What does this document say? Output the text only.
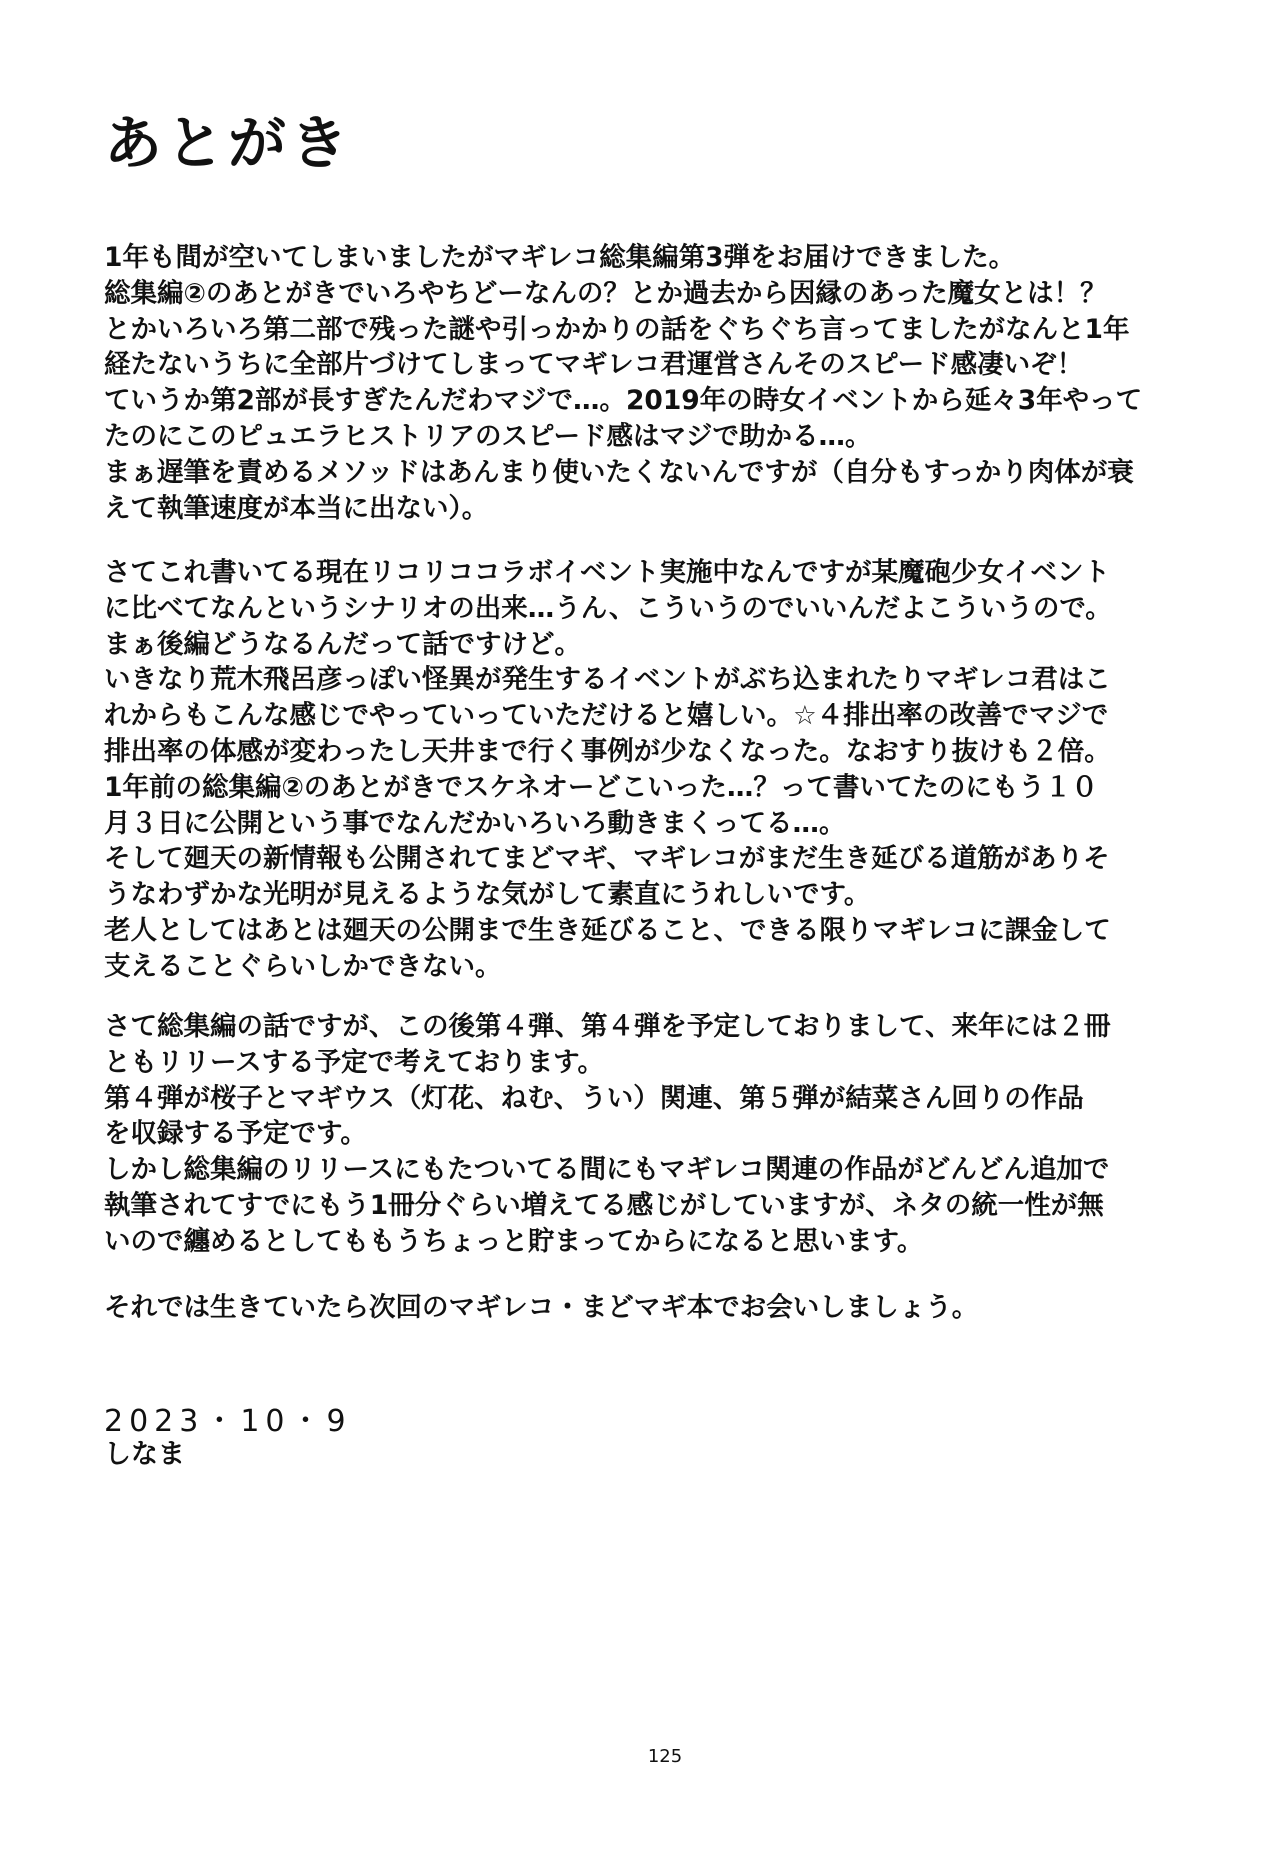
あとがき
1年も間が空いてしまいましたがマギレコ総集編第3弾をお届けできました。
総集編②のあとがきでいろやちどーなんの？とか過去から因縁のあった魔女とは！？
とかいろいろ第二部で残った謎や引っかかりの話をぐちぐち言ってましたがなんと1年
経たないうちに全部片づけてしまってマギレコ君運営さんそのスピード感凄いぞ！
ていうか第2部が長すぎたんだわマジで…。2019年の時女イベントから延々3年やって
たのにこのピュエラヒストリアのスピード感はマジで助かる…。
まぁ遅筆を責めるメソッドはあんまり使いたくないんですが（自分もすっかり肉体が衰
えて執筆速度が本当に出ない）。
さてこれ書いてる現在リコリココラボイベント実施中なんですが某魔砲少女イベント
に比べてなんというシナリオの出来…うん、こういうのでいいんだよこういうので。
まぁ後編どうなるんだって話ですけど。
いきなり荒木飛呂彦っぽい怪異が発生するイベントがぶち込まれたりマギレコ君はこ
れからもこんな感じでやっていっていただけると嬉しい。☆４排出率の改善でマジで
排出率の体感が変わったし天井まで行く事例が少なくなった。なおすり抜けも２倍。
1年前の総集編②のあとがきでスケネオーどこいった…？って書いてたのにもう１０
月３日に公開という事でなんだかいろいろ動きまくってる…。
そして廻天の新情報も公開されてまどマギ、マギレコがまだ生き延びる道筋がありそ
うなわずかな光明が見えるような気がして素直にうれしいです。
老人としてはあとは廻天の公開まで生き延びること、できる限りマギレコに課金して
支えることぐらいしかできない。
さて総集編の話ですが、この後第４弾、第４弾を予定しておりまして、来年には２冊
ともリリースする予定で考えております。
第４弾が桜子とマギウス（灯花、ねむ、うい）関連、第５弾が結菜さん回りの作品
を収録する予定です。
しかし総集編のリリースにもたついてる間にもマギレコ関連の作品がどんどん追加で
執筆されてすでにもう1冊分ぐらい増えてる感じがしていますが、ネタの統一性が無
いので纏めるとしてももうちょっと貯まってからになると思います。
それでは生きていたら次回のマギレコ・まどマギ本でお会いしましょう。
2023・10・9
しなま
125
